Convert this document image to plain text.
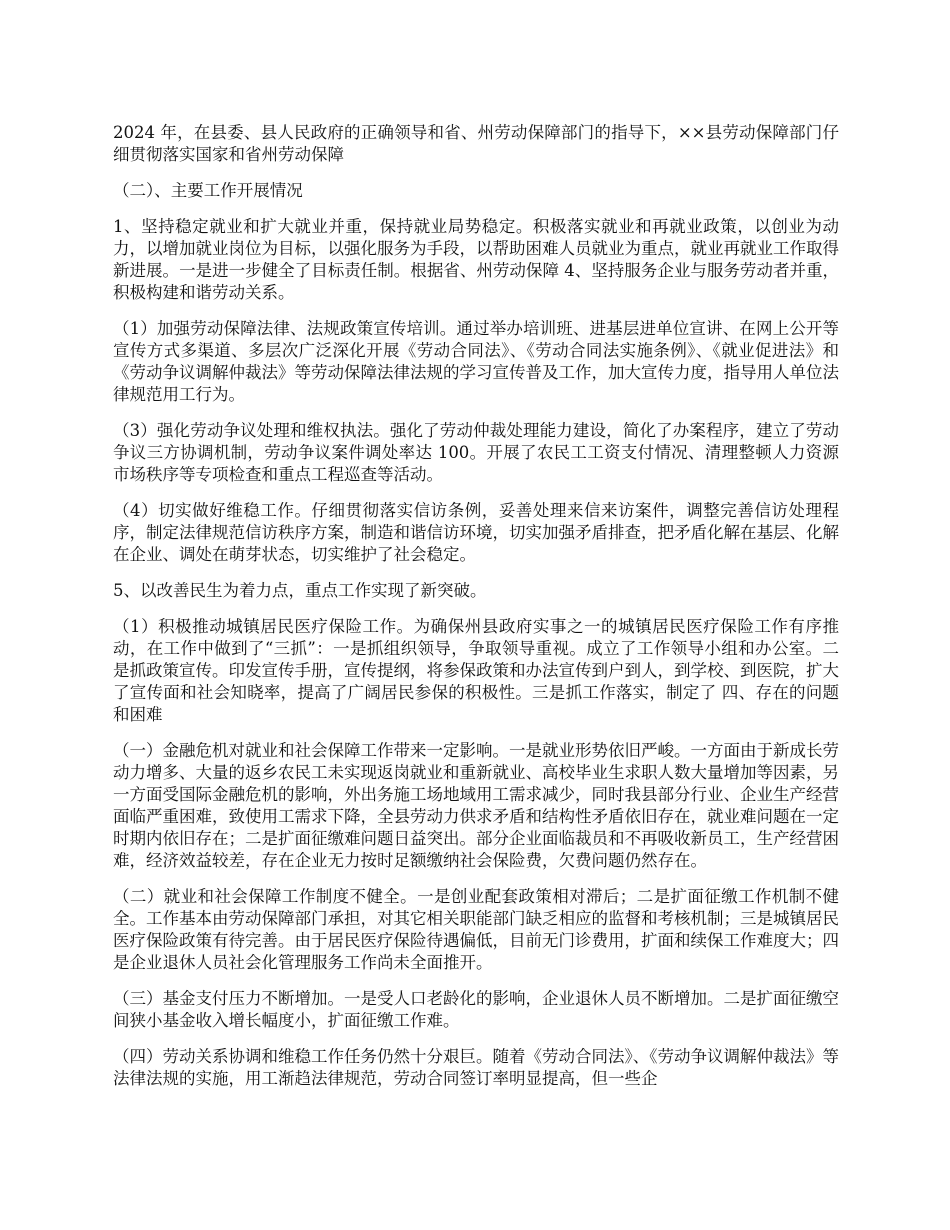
2024 年，在县委、县人民政府的正确领导和省、州劳动保障部门的指导下，××县劳动保障部门仔细贯彻落实国家和省州劳动保障

（二）、主要工作开展情况

1、坚持稳定就业和扩大就业并重，保持就业局势稳定。积极落实就业和再就业政策，以创业为动力，以增加就业岗位为目标，以强化服务为手段，以帮助困难人员就业为重点，就业再就业工作取得新进展。一是进一步健全了目标责任制。根据省、州劳动保障 4、坚持服务企业与服务劳动者并重，积极构建和谐劳动关系。

（1）加强劳动保障法律、法规政策宣传培训。通过举办培训班、进基层进单位宣讲、在网上公开等宣传方式多渠道、多层次广泛深化开展《劳动合同法》、《劳动合同法实施条例》、《就业促进法》和《劳动争议调解仲裁法》等劳动保障法律法规的学习宣传普及工作，加大宣传力度，指导用人单位法律规范用工行为。

（3）强化劳动争议处理和维权执法。强化了劳动仲裁处理能力建设，简化了办案程序，建立了劳动争议三方协调机制，劳动争议案件调处率达 100。开展了农民工工资支付情况、清理整顿人力资源市场秩序等专项检查和重点工程巡查等活动。

（4）切实做好维稳工作。仔细贯彻落实信访条例，妥善处理来信来访案件，调整完善信访处理程序，制定法律规范信访秩序方案，制造和谐信访环境，切实加强矛盾排查，把矛盾化解在基层、化解在企业、调处在萌芽状态，切实维护了社会稳定。

5、以改善民生为着力点，重点工作实现了新突破。

（1）积极推动城镇居民医疗保险工作。为确保州县政府实事之一的城镇居民医疗保险工作有序推动，在工作中做到了“三抓”：一是抓组织领导，争取领导重视。成立了工作领导小组和办公室。二是抓政策宣传。印发宣传手册，宣传提纲，将参保政策和办法宣传到户到人，到学校、到医院，扩大了宣传面和社会知晓率，提高了广阔居民参保的积极性。三是抓工作落实，制定了 四、存在的问题和困难

（一）金融危机对就业和社会保障工作带来一定影响。一是就业形势依旧严峻。一方面由于新成长劳动力增多、大量的返乡农民工未实现返岗就业和重新就业、高校毕业生求职人数大量增加等因素，另一方面受国际金融危机的影响，外出务施工场地域用工需求减少，同时我县部分行业、企业生产经营面临严重困难，致使用工需求下降，全县劳动力供求矛盾和结构性矛盾依旧存在，就业难问题在一定时期内依旧存在；二是扩面征缴难问题日益突出。部分企业面临裁员和不再吸收新员工，生产经营困难，经济效益较差，存在企业无力按时足额缴纳社会保险费，欠费问题仍然存在。

（二）就业和社会保障工作制度不健全。一是创业配套政策相对滞后；二是扩面征缴工作机制不健全。工作基本由劳动保障部门承担，对其它相关职能部门缺乏相应的监督和考核机制；三是城镇居民医疗保险政策有待完善。由于居民医疗保险待遇偏低，目前无门诊费用，扩面和续保工作难度大；四是企业退休人员社会化管理服务工作尚未全面推开。

（三）基金支付压力不断增加。一是受人口老龄化的影响，企业退休人员不断增加。二是扩面征缴空间狭小基金收入增长幅度小，扩面征缴工作难。

（四）劳动关系协调和维稳工作任务仍然十分艰巨。随着《劳动合同法》、《劳动争议调解仲裁法》等法律法规的实施，用工渐趋法律规范，劳动合同签订率明显提高，但一些企
